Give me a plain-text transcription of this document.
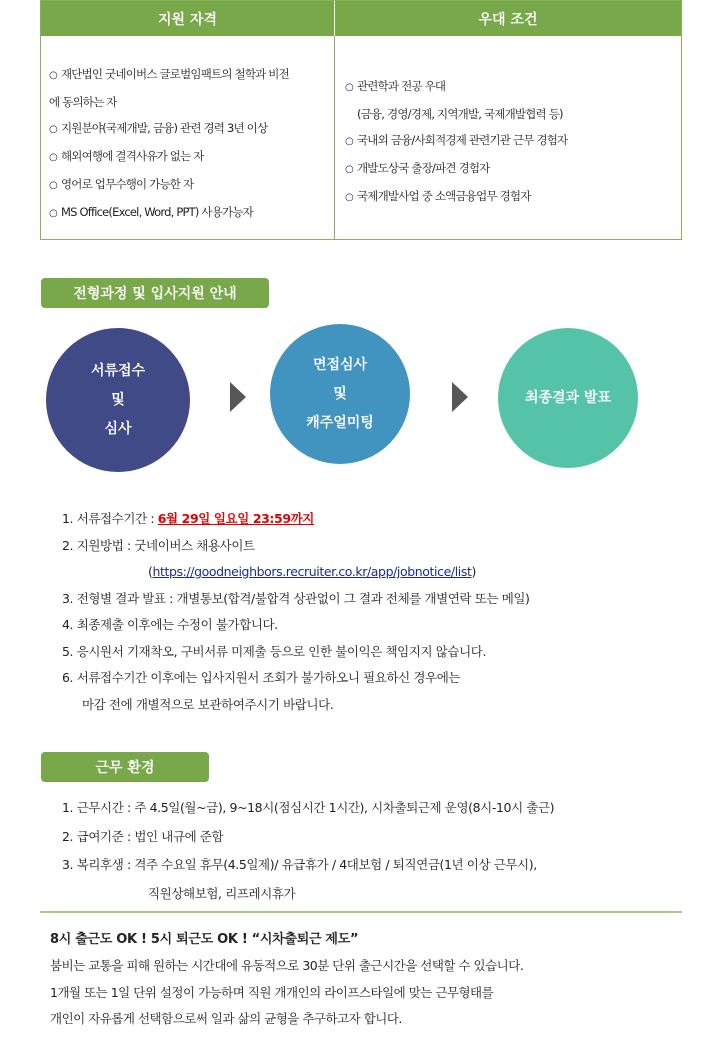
지원 자격	우대 조건
○ 재단법인 굿네이버스 글로벌임팩트의 철학과 비전
에 동의하는 자
○ 지원분야(국제개발, 금융) 관련 경력 3년 이상
○ 해외여행에 결격사유가 없는 자
○ 영어로 업무수행이 가능한 자
○ MS Office(Excel, Word, PPT) 사용가능자
○ 관련학과 전공 우대
(금융, 경영/경제, 지역개발, 국제개발협력 등)
○ 국내외 금융/사회적경제 관련기관 근무 경험자
○ 개발도상국 출장/파견 경험자
○ 국제개발사업 중 소액금융업무 경험자
전형과정 및 입사지원 안내
서류접수
및
심사
면접심사
및
캐주얼미팅
최종결과 발표
1. 서류접수기간 : 6월 29일 일요일 23:59까지
2. 지원방법 : 굿네이버스 채용사이트
(https://goodneighbors.recruiter.co.kr/app/jobnotice/list)
3. 전형별 결과 발표 : 개별통보(합격/불합격 상관없이 그 결과 전체를 개별연락 또는 메일)
4. 최종제출 이후에는 수정이 불가합니다.
5. 응시원서 기재착오, 구비서류 미제출 등으로 인한 불이익은 책임지지 않습니다.
6. 서류접수기간 이후에는 입사지원서 조회가 불가하오니 필요하신 경우에는
마감 전에 개별적으로 보관하여주시기 바랍니다.
근무 환경
1. 근무시간 : 주 4.5일(월~금), 9~18시(점심시간 1시간), 시차출퇴근제 운영(8시-10시 출근)
2. 급여기준 : 법인 내규에 준함
3. 복리후생 : 격주 수요일 휴무(4.5일제)/ 유급휴가 / 4대보험 / 퇴직연금(1년 이상 근무시),
직원상해보험, 리프레시휴가
8시 출근도 OK ! 5시 퇴근도 OK ! “시차출퇴근 제도”
붐비는 교통을 피해 원하는 시간대에 유동적으로 30분 단위 출근시간을 선택할 수 있습니다.
1개월 또는 1일 단위 설정이 가능하며 직원 개개인의 라이프스타일에 맞는 근무형태를
개인이 자유롭게 선택함으로써 일과 삶의 균형을 추구하고자 합니다.
